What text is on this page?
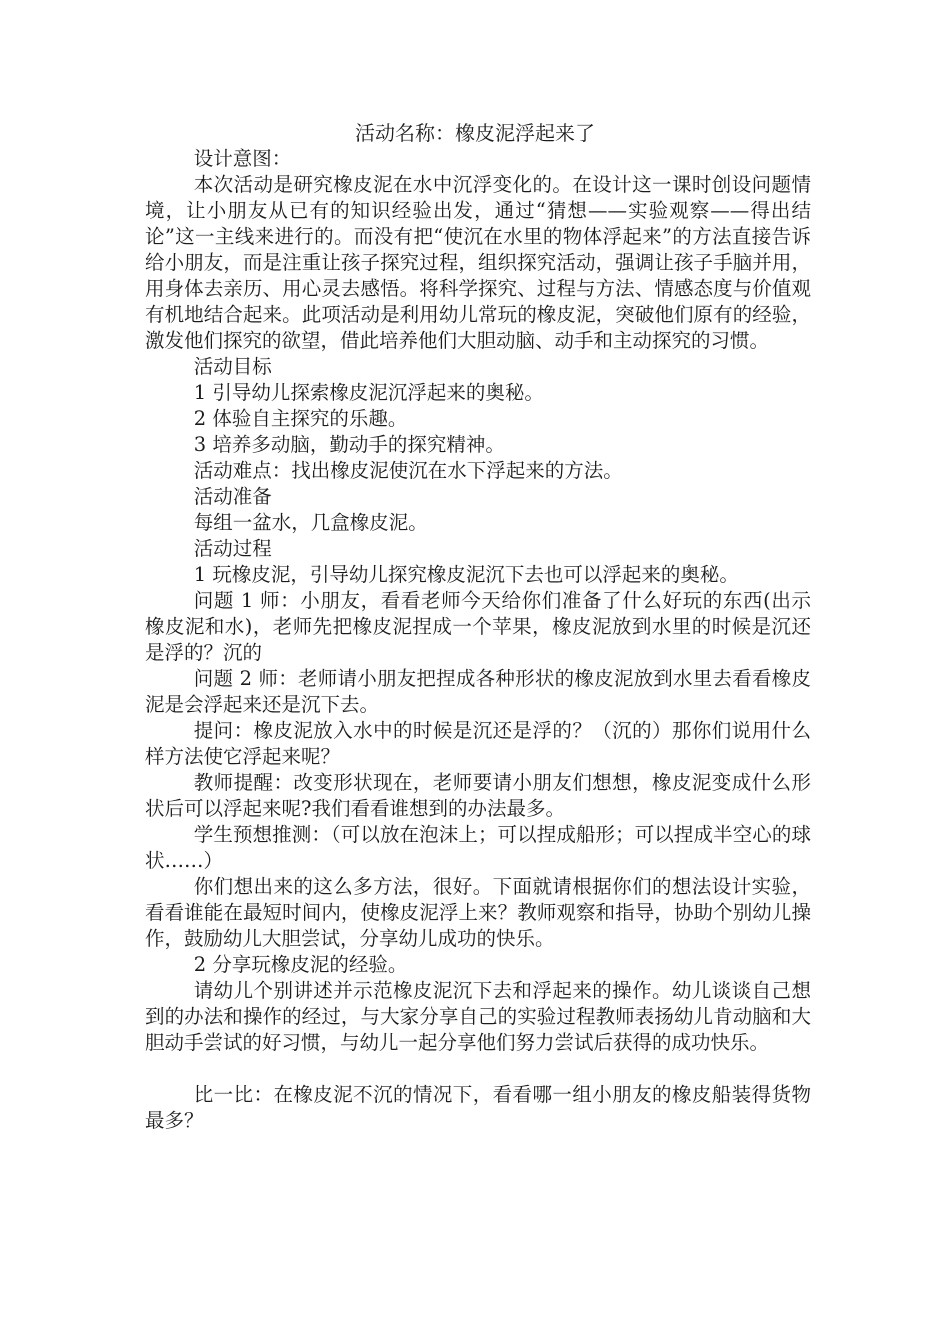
活动名称：橡皮泥浮起来了

设计意图：

本次活动是研究橡皮泥在水中沉浮变化的。在设计这一课时创设问题情境，让小朋友从已有的知识经验出发，通过“猜想——实验观察——得出结论”这一主线来进行的。而没有把“使沉在水里的物体浮起来”的方法直接告诉给小朋友，而是注重让孩子探究过程，组织探究活动，强调让孩子手脑并用，用身体去亲历、用心灵去感悟。将科学探究、过程与方法、情感态度与价值观有机地结合起来。此项活动是利用幼儿常玩的橡皮泥，突破他们原有的经验，激发他们探究的欲望，借此培养他们大胆动脑、动手和主动探究的习惯。

活动目标

1 引导幼儿探索橡皮泥沉浮起来的奥秘。

2 体验自主探究的乐趣。

3 培养多动脑，勤动手的探究精神。

活动难点：找出橡皮泥使沉在水下浮起来的方法。

活动准备

每组一盆水，几盒橡皮泥。

活动过程

1 玩橡皮泥，引导幼儿探究橡皮泥沉下去也可以浮起来的奥秘。

问题 1 师：小朋友，看看老师今天给你们准备了什么好玩的东西(出示橡皮泥和水)，老师先把橡皮泥捏成一个苹果，橡皮泥放到水里的时候是沉还是浮的？沉的

问题 2 师：老师请小朋友把捏成各种形状的橡皮泥放到水里去看看橡皮泥是会浮起来还是沉下去。

提问：橡皮泥放入水中的时候是沉还是浮的？（沉的）那你们说用什么样方法使它浮起来呢？

教师提醒：改变形状现在，老师要请小朋友们想想，橡皮泥变成什么形状后可以浮起来呢?我们看看谁想到的办法最多。

学生预想推测：（可以放在泡沫上；可以捏成船形；可以捏成半空心的球状……）

你们想出来的这么多方法，很好。下面就请根据你们的想法设计实验，看看谁能在最短时间内，使橡皮泥浮上来？教师观察和指导，协助个别幼儿操作，鼓励幼儿大胆尝试，分享幼儿成功的快乐。

2 分享玩橡皮泥的经验。

请幼儿个别讲述并示范橡皮泥沉下去和浮起来的操作。幼儿谈谈自己想到的办法和操作的经过，与大家分享自己的实验过程教师表扬幼儿肯动脑和大胆动手尝试的好习惯，与幼儿一起分享他们努力尝试后获得的成功快乐。

比一比：在橡皮泥不沉的情况下，看看哪一组小朋友的橡皮船装得货物最多？
